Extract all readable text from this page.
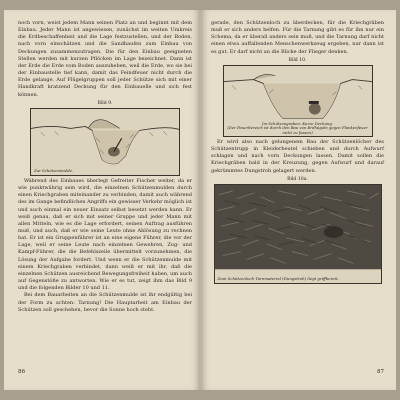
noch vorn, weist jedem Mann seinen Platz an und beginnt mit dem Einbau. Jeder Mann ist angewiesen, zunächst im weiten Umkreis die Erdbeschaffenheit und die Lage festzustellen, und der Boden, nach vorn einschätzen und die Sandhaufen zum Einbau von Deckungen zusammenzutragen. Die für den Einbau geeigneten Stellen werden mit kurzen Pflöcken im Lage bezeichnet. Dann ist der Erde die Erde vom Boden auszuheben, weil die Erde, wo sie bei der Einbaustelle tief kann, damit das Feindfeuer nicht durch die Erde gelange. Auf Flügelgruppen soll jeder Schütze sich mit einer Handkraft kratzend Deckung für den Einbauelle und sich fest können.

Bild 9.
Zur Schützenmulde.

Während des Einbaues überlegt Gefreiter Fischer weiter, da er wie punktwährig sein wird, die einzelnen Schützenmulden durch einen Kriechgraben miteinander zu verbinden, damit auch während des im Gange befindlichen Angriffs ein gewisser Verkehr möglich ist und auch einmal ein neuer Einsatz selbst besetzt werden kann. Er weiß genau, daß er sich mit seiner Gruppe und jeder Mann mit allen Mitteln, wie es die Lage erfordert, seinen Auftrag ausführen muß, und auch, daß er wie seine Leute ohne Ablösung zu rechnen hat. Er ist ein Gruppenführer ist an eine eigene Führer, die vor der Lage, weil er seine Leute nach einzelnen Gewehren, Zug- und Kampf-Führer, die die Befehlszeile übermittelt vorzunehmen, die Lösung der Aufgabe fordert. Und wenn er die Schützenmulde mit einem Kriechgraben verbindet, dann weiß er mit ihr, daß die einzelnen Schützen ausreichend Bewegungsfreiheit haben, um auch auf Gegenstöße zu antworten. Wie er es tut, zeigt ihm das Bild 9 und die folgenden Bilder 10 und 11.

Bei dem Bauarbeiten an die Schützenmulde ist ihr endgültig bei der Form zu achten: Tarnung! Die Hauptarbeit am Einbau der Schützen soll geschehen, bevor die Sonne hoch steht.

86

gerade, den Schützenloch zu überdecken, für die Kriechgräben muß er sich anders helfen. Für die Tarnung gibt es für ihn nur ein Schema, da er überall anders sein muß, und die Tarnung darf nicht einen etwa auffallenden Menschenwerkzeug ergeben, nur dann ist es gut. Er darf nicht an die Blicke der Flieger denken.

Bild 10.
Im Schützengraben: Kurze Deckung.
(Der Feuerbereich ist durch den Bau von Erdhügeln gegen Flankenfeuer nicht zu fassen)

Er wird also nach gelungenem Bau der Schützenlöcher des Schützentrupp in Kleiderbeutel schieben und durch Aufwurf schlagen und nach vorn Deckungen lassen. Damit sollen die Kriechgräben bald in der Kreuzung, gegen Aufwurf und darauf gekrümmtes Dungstroh gelagert werden.

Bild 10a.
Zum Schützenloch Tarnmaterial (Dungstroh) liegt griffbereit.
87
